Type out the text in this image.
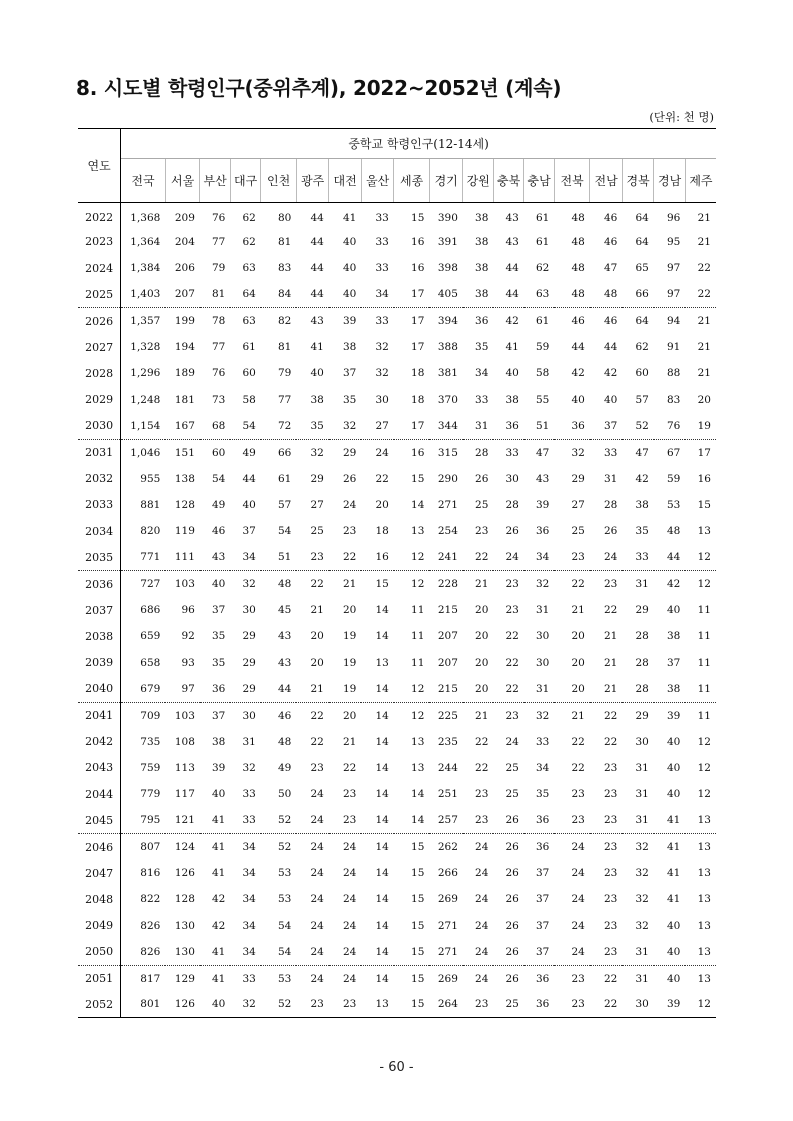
8. 시도별 학령인구(중위추계), 2022~2052년 (계속)
(단위: 천 명)
연도	중학교 학령인구(12-14세)																	
	전국	서울	부산	대구	인천	광주	대전	울산	세종	경기	강원	충북	충남	전북	전남	경북	경남	제주
2022	1,368	209	76	62	80	44	41	33	15	390	38	43	61	48	46	64	96	21
2023	1,364	204	77	62	81	44	40	33	16	391	38	43	61	48	46	64	95	21
2024	1,384	206	79	63	83	44	40	33	16	398	38	44	62	48	47	65	97	22
2025	1,403	207	81	64	84	44	40	34	17	405	38	44	63	48	48	66	97	22
2026	1,357	199	78	63	82	43	39	33	17	394	36	42	61	46	46	64	94	21
2027	1,328	194	77	61	81	41	38	32	17	388	35	41	59	44	44	62	91	21
2028	1,296	189	76	60	79	40	37	32	18	381	34	40	58	42	42	60	88	21
2029	1,248	181	73	58	77	38	35	30	18	370	33	38	55	40	40	57	83	20
2030	1,154	167	68	54	72	35	32	27	17	344	31	36	51	36	37	52	76	19
2031	1,046	151	60	49	66	32	29	24	16	315	28	33	47	32	33	47	67	17
2032	955	138	54	44	61	29	26	22	15	290	26	30	43	29	31	42	59	16
2033	881	128	49	40	57	27	24	20	14	271	25	28	39	27	28	38	53	15
2034	820	119	46	37	54	25	23	18	13	254	23	26	36	25	26	35	48	13
2035	771	111	43	34	51	23	22	16	12	241	22	24	34	23	24	33	44	12
2036	727	103	40	32	48	22	21	15	12	228	21	23	32	22	23	31	42	12
2037	686	96	37	30	45	21	20	14	11	215	20	23	31	21	22	29	40	11
2038	659	92	35	29	43	20	19	14	11	207	20	22	30	20	21	28	38	11
2039	658	93	35	29	43	20	19	13	11	207	20	22	30	20	21	28	37	11
2040	679	97	36	29	44	21	19	14	12	215	20	22	31	20	21	28	38	11
2041	709	103	37	30	46	22	20	14	12	225	21	23	32	21	22	29	39	11
2042	735	108	38	31	48	22	21	14	13	235	22	24	33	22	22	30	40	12
2043	759	113	39	32	49	23	22	14	13	244	22	25	34	22	23	31	40	12
2044	779	117	40	33	50	24	23	14	14	251	23	25	35	23	23	31	40	12
2045	795	121	41	33	52	24	23	14	14	257	23	26	36	23	23	31	41	13
2046	807	124	41	34	52	24	24	14	15	262	24	26	36	24	23	32	41	13
2047	816	126	41	34	53	24	24	14	15	266	24	26	37	24	23	32	41	13
2048	822	128	42	34	53	24	24	14	15	269	24	26	37	24	23	32	41	13
2049	826	130	42	34	54	24	24	14	15	271	24	26	37	24	23	32	40	13
2050	826	130	41	34	54	24	24	14	15	271	24	26	37	24	23	31	40	13
2051	817	129	41	33	53	24	24	14	15	269	24	26	36	23	22	31	40	13
2052	801	126	40	32	52	23	23	13	15	264	23	25	36	23	22	30	39	12
- 60 -
